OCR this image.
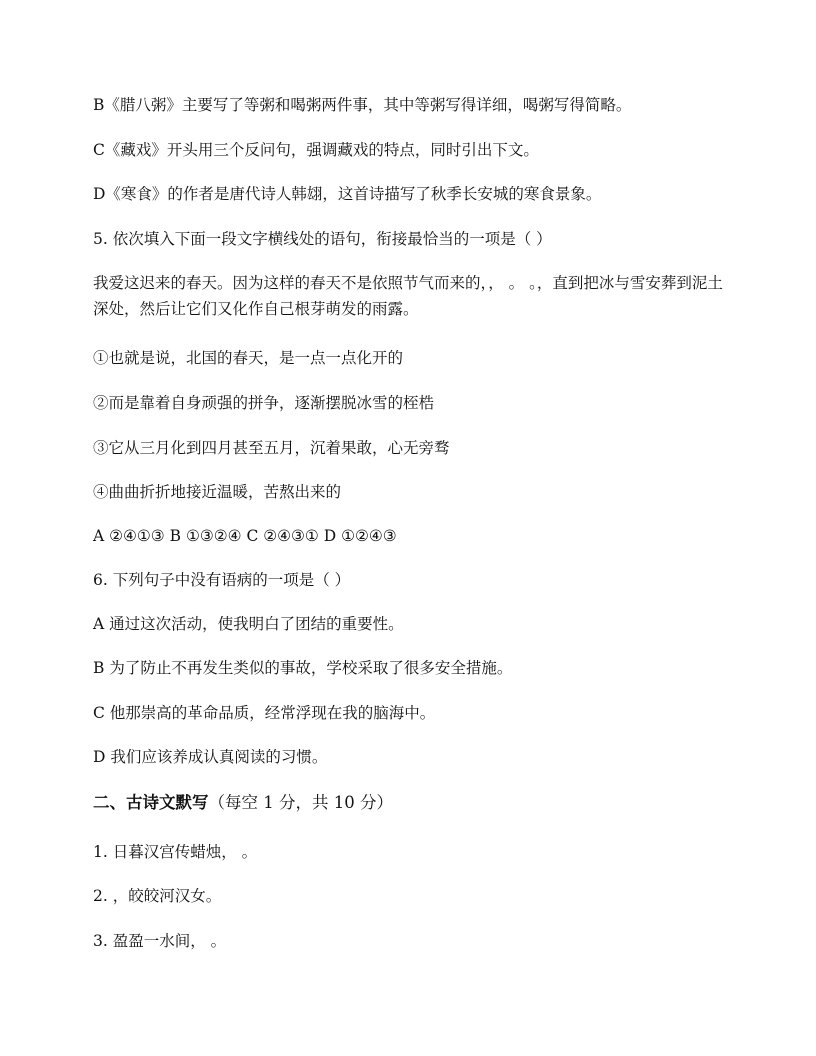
B《腊八粥》主要写了等粥和喝粥两件事，其中等粥写得详细，喝粥写得简略。
C《藏戏》开头用三个反问句，强调藏戏的特点，同时引出下文。
D《寒食》的作者是唐代诗人韩翃，这首诗描写了秋季长安城的寒食景象。
5. 依次填入下面一段文字横线处的语句，衔接最恰当的一项是（ ）
我爱这迟来的春天。因为这样的春天不是依照节气而来的，， 。 。，直到把冰与雪安葬到泥土深处，然后让它们又化作自己根芽萌发的雨露。
①也就是说，北国的春天，是一点一点化开的
②而是靠着自身顽强的拼争，逐渐摆脱冰雪的桎梏
③它从三月化到四月甚至五月，沉着果敢，心无旁骛
④曲曲折折地接近温暖，苦熬出来的
A ②④①③ B ①③②④ C ②④③① D ①②④③
6. 下列句子中没有语病的一项是（ ）
A 通过这次活动，使我明白了团结的重要性。
B 为了防止不再发生类似的事故，学校采取了很多安全措施。
C 他那崇高的革命品质，经常浮现在我的脑海中。
D 我们应该养成认真阅读的习惯。
二、古诗文默写（每空 1 分，共 10 分）
1. 日暮汉宫传蜡烛， 。
2. ，皎皎河汉女。
3. 盈盈一水间， 。
